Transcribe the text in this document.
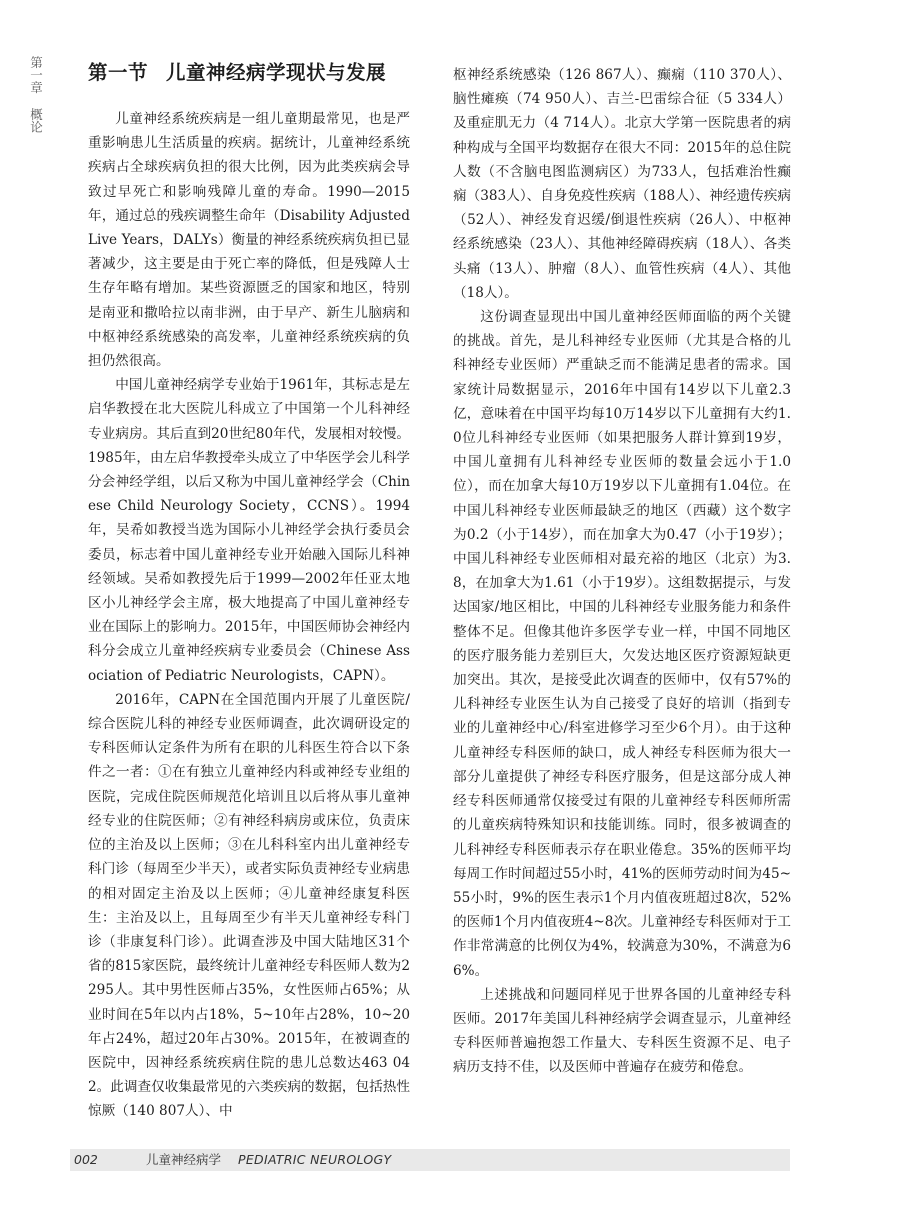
第一章
概论
第一节 儿童神经病学现状与发展

儿童神经系统疾病是一组儿童期最常见，也是严重影响患儿生活质量的疾病。据统计，儿童神经系统疾病占全球疾病负担的很大比例，因为此类疾病会导致过早死亡和影响残障儿童的寿命。1990—2015年，通过总的残疾调整生命年（Disability Adjusted Live Years，DALYs）衡量的神经系统疾病负担已显著减少，这主要是由于死亡率的降低，但是残障人士生存年略有增加。某些资源匮乏的国家和地区，特别是南亚和撒哈拉以南非洲，由于早产、新生儿脑病和中枢神经系统感染的高发率，儿童神经系统疾病的负担仍然很高。

中国儿童神经病学专业始于1961年，其标志是左启华教授在北大医院儿科成立了中国第一个儿科神经专业病房。其后直到20世纪80年代，发展相对较慢。1985年，由左启华教授牵头成立了中华医学会儿科学分会神经学组，以后又称为中国儿童神经学会（Chinese Child Neurology Society，CCNS）。1994年，吴希如教授当选为国际小儿神经学会执行委员会委员，标志着中国儿童神经专业开始融入国际儿科神经领域。吴希如教授先后于1999—2002年任亚太地区小儿神经学会主席，极大地提高了中国儿童神经专业在国际上的影响力。2015年，中国医师协会神经内科分会成立儿童神经疾病专业委员会（Chinese Association of Pediatric Neurologists，CAPN）。

2016年，CAPN在全国范围内开展了儿童医院/综合医院儿科的神经专业医师调查，此次调研设定的专科医师认定条件为所有在职的儿科医生符合以下条件之一者：①在有独立儿童神经内科或神经专业组的医院，完成住院医师规范化培训且以后将从事儿童神经专业的住院医师；②有神经科病房或床位，负责床位的主治及以上医师；③在儿科科室内出儿童神经专科门诊（每周至少半天），或者实际负责神经专业病患的相对固定主治及以上医师；④儿童神经康复科医生：主治及以上，且每周至少有半天儿童神经专科门诊（非康复科门诊）。此调查涉及中国大陆地区31个省的815家医院，最终统计儿童神经专科医师人数为2 295人。其中男性医师占35%，女性医师占65%；从业时间在5年以内占18%，5~10年占28%，10~20年占24%，超过20年占30%。2015年，在被调查的医院中，因神经系统疾病住院的患儿总数达463 042。此调查仅收集最常见的六类疾病的数据，包括热性惊厥（140 807人）、中

枢神经系统感染（126 867人）、癫痫（110 370人）、脑性瘫痪（74 950人）、吉兰-巴雷综合征（5 334人）及重症肌无力（4 714人）。北京大学第一医院患者的病种构成与全国平均数据存在很大不同：2015年的总住院人数（不含脑电图监测病区）为733人，包括难治性癫痫（383人）、自身免疫性疾病（188人）、神经遗传疾病（52人）、神经发育迟缓/倒退性疾病（26人）、中枢神经系统感染（23人）、其他神经障碍疾病（18人）、各类头痛（13人）、肿瘤（8人）、血管性疾病（4人）、其他（18人）。

这份调查显现出中国儿童神经医师面临的两个关键的挑战。首先，是儿科神经专业医师（尤其是合格的儿科神经专业医师）严重缺乏而不能满足患者的需求。国家统计局数据显示，2016年中国有14岁以下儿童2.3亿，意味着在中国平均每10万14岁以下儿童拥有大约1.0位儿科神经专业医师（如果把服务人群计算到19岁，中国儿童拥有儿科神经专业医师的数量会远小于1.0位），而在加拿大每10万19岁以下儿童拥有1.04位。在中国儿科神经专业医师最缺乏的地区（西藏）这个数字为0.2（小于14岁），而在加拿大为0.47（小于19岁）；中国儿科神经专业医师相对最充裕的地区（北京）为3.8，在加拿大为1.61（小于19岁）。这组数据提示，与发达国家/地区相比，中国的儿科神经专业服务能力和条件整体不足。但像其他许多医学专业一样，中国不同地区的医疗服务能力差别巨大，欠发达地区医疗资源短缺更加突出。其次，是接受此次调查的医师中，仅有57%的儿科神经专业医生认为自己接受了良好的培训（指到专业的儿童神经中心/科室进修学习至少6个月）。由于这种儿童神经专科医师的缺口，成人神经专科医师为很大一部分儿童提供了神经专科医疗服务，但是这部分成人神经专科医师通常仅接受过有限的儿童神经专科医师所需的儿童疾病特殊知识和技能训练。同时，很多被调查的儿科神经专科医师表示存在职业倦怠。35%的医师平均每周工作时间超过55小时，41%的医师劳动时间为45~55小时，9%的医生表示1个月内值夜班超过8次，52%的医师1个月内值夜班4~8次。儿童神经专科医师对于工作非常满意的比例仅为4%，较满意为30%，不满意为66%。

上述挑战和问题同样见于世界各国的儿童神经专科医师。2017年美国儿科神经病学会调查显示，儿童神经专科医师普遍抱怨工作量大、专科医生资源不足、电子病历支持不佳，以及医师中普遍存在疲劳和倦怠。

002	儿童神经病学 PEDIATRIC NEUROLOGY
